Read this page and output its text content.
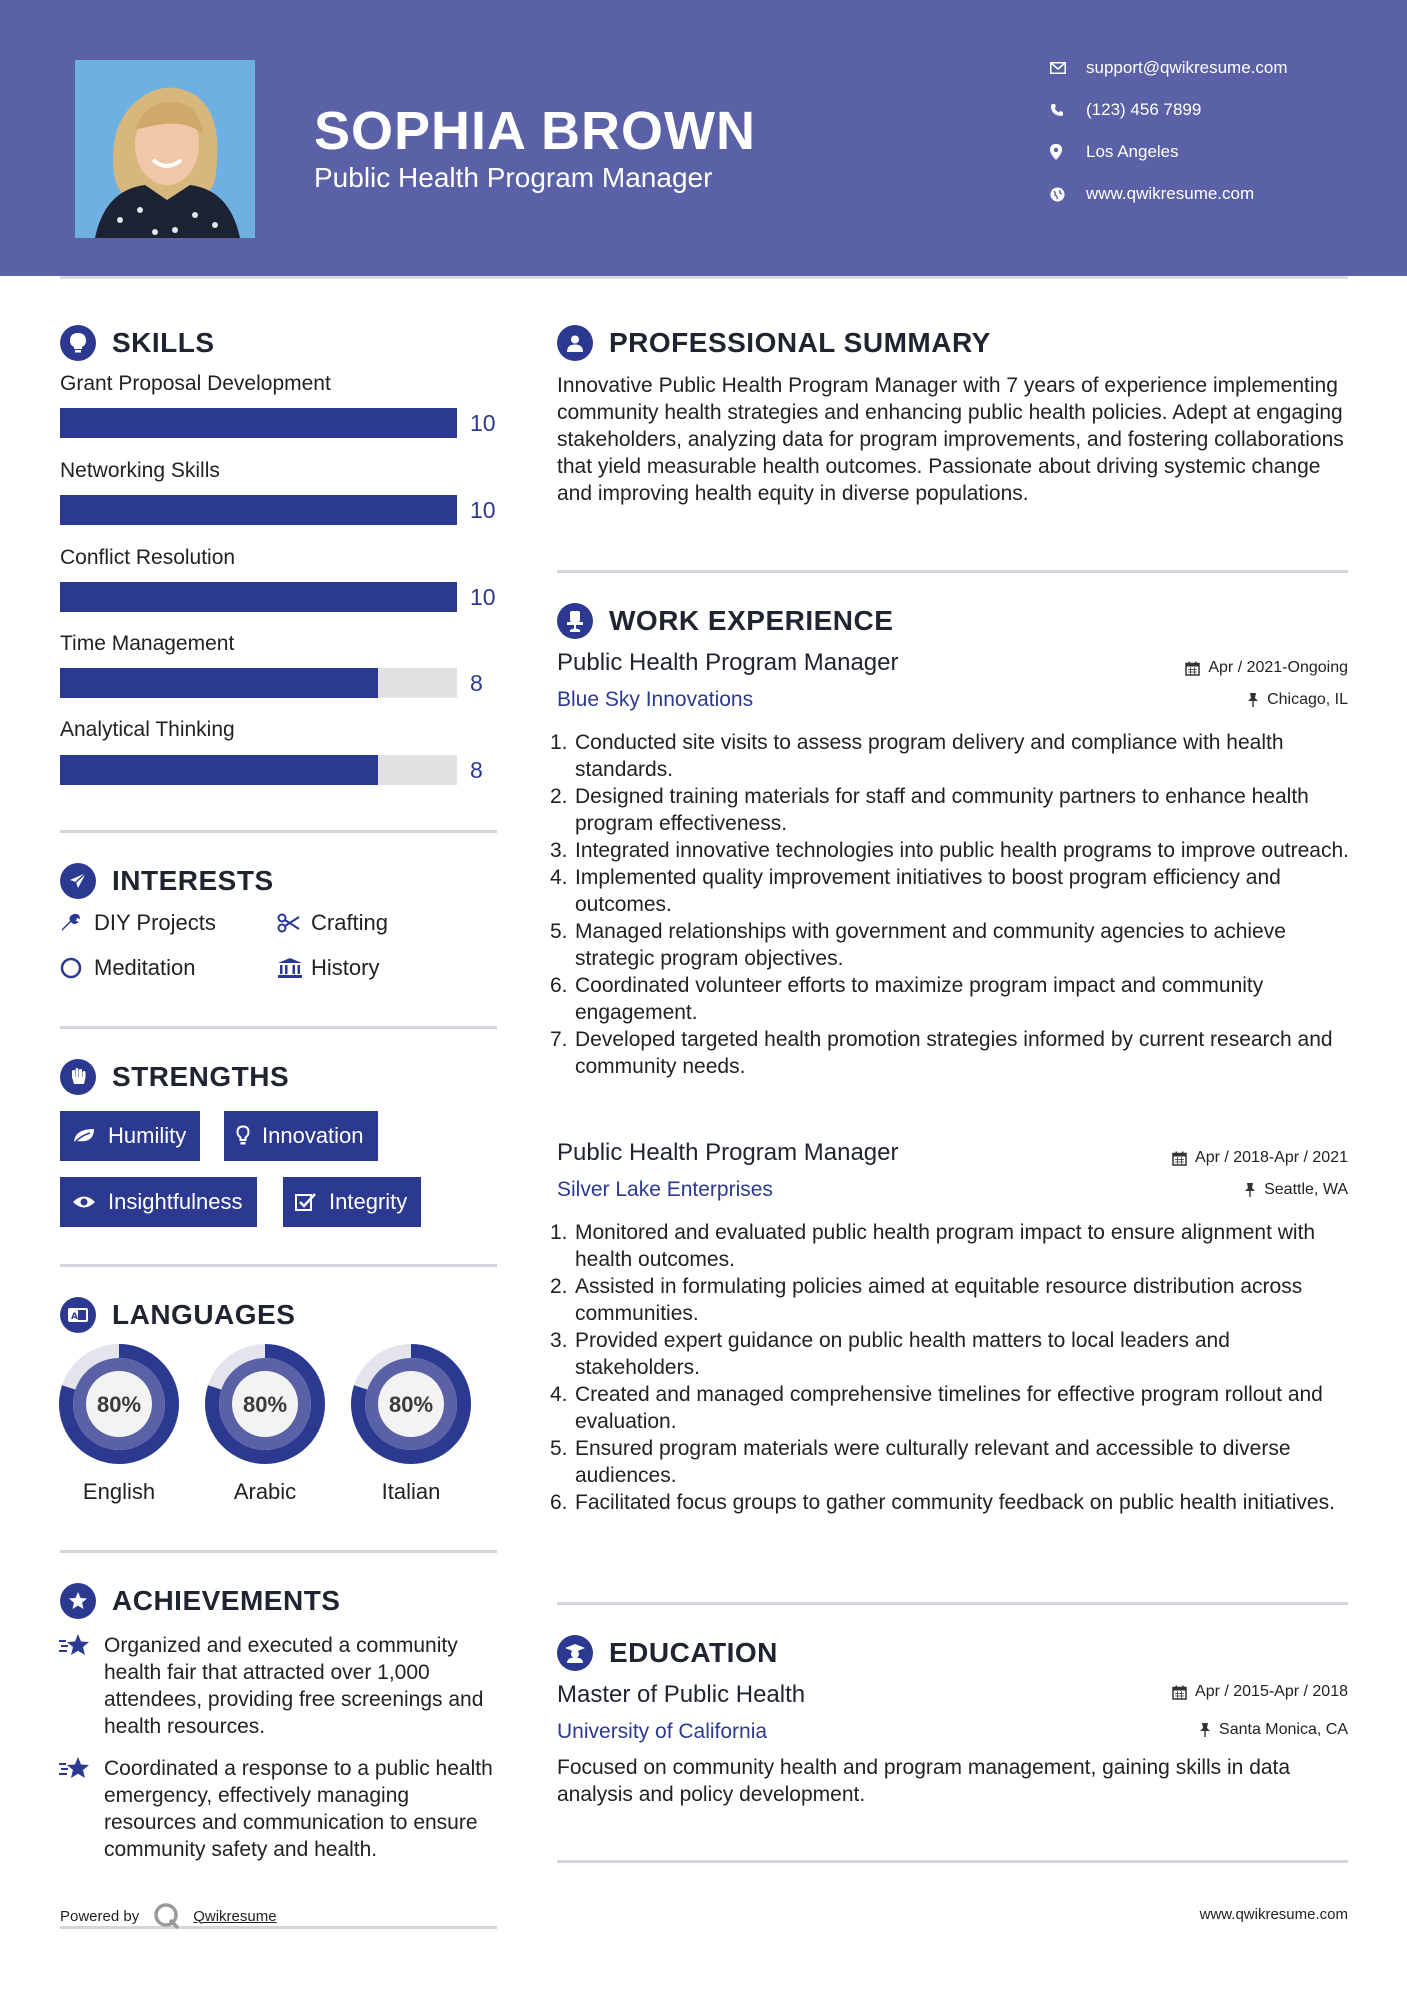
SOPHIA BROWN
Public Health Program Manager
support@qwikresume.com
(123) 456 7899
Los Angeles
www.qwikresume.com
SKILLS
Grant Proposal Development
10
Networking Skills
10
Conflict Resolution
10
Time Management
8
Analytical Thinking
8
INTERESTS
DIY Projects	Crafting
Meditation	History
STRENGTHS
Humility	Innovation
Insightfulness	Integrity
A LANGUAGES
80%	80%	80%
English	Arabic	Italian
ACHIEVEMENTS
Organized and executed a community health fair that attracted over 1,000 attendees, providing free screenings and health resources.
Coordinated a response to a public health emergency, effectively managing resources and communication to ensure community safety and health.
PROFESSIONAL SUMMARY
Innovative Public Health Program Manager with 7 years of experience implementing community health strategies and enhancing public health policies. Adept at engaging stakeholders, analyzing data for program improvements, and fostering collaborations that yield measurable health outcomes. Passionate about driving systemic change and improving health equity in diverse populations.
WORK EXPERIENCE
Public Health Program Manager	Apr / 2021-Ongoing
Blue Sky Innovations	Chicago, IL
1. Conducted site visits to assess program delivery and compliance with health standards.
2. Designed training materials for staff and community partners to enhance health program effectiveness.
3. Integrated innovative technologies into public health programs to improve outreach.
4. Implemented quality improvement initiatives to boost program efficiency and outcomes.
5. Managed relationships with government and community agencies to achieve strategic program objectives.
6. Coordinated volunteer efforts to maximize program impact and community engagement.
7. Developed targeted health promotion strategies informed by current research and community needs.
Public Health Program Manager	Apr / 2018-Apr / 2021
Silver Lake Enterprises	Seattle, WA
1. Monitored and evaluated public health program impact to ensure alignment with health outcomes.
2. Assisted in formulating policies aimed at equitable resource distribution across communities.
3. Provided expert guidance on public health matters to local leaders and stakeholders.
4. Created and managed comprehensive timelines for effective program rollout and evaluation.
5. Ensured program materials were culturally relevant and accessible to diverse audiences.
6. Facilitated focus groups to gather community feedback on public health initiatives.
EDUCATION
Master of Public Health	Apr / 2015-Apr / 2018
University of California	Santa Monica, CA
Focused on community health and program management, gaining skills in data analysis and policy development.
Powered by	Qwikresume	www.qwikresume.com
